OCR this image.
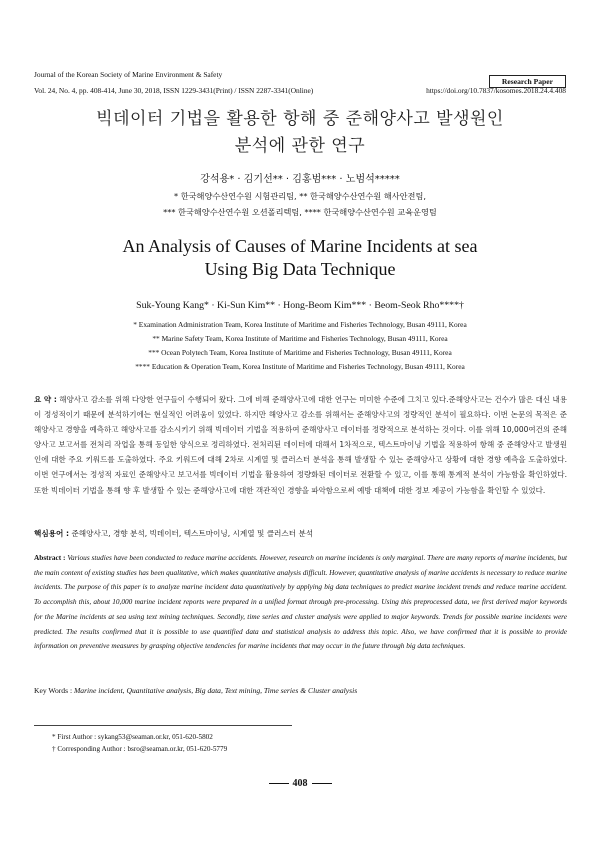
Journal of the Korean Society of Marine Environment & Safety
Research Paper
Vol. 24, No. 4, pp. 408-414, June 30, 2018, ISSN 1229-3431(Print) / ISSN 2287-3341(Online)	https://doi.org/10.7837/kosomes.2018.24.4.408
빅데이터 기법을 활용한 항해 중 준해양사고 발생원인
분석에 관한 연구
강석용* · 김기선** · 김홍범*** · 노범석*****
* 한국해양수산연수원 시험관리팀, ** 한국해양수산연수원 해사안전팀,
*** 한국해양수산연수원 오션폴리텍팀, **** 한국해양수산연수원 교육운영팀
An Analysis of Causes of Marine Incidents at sea
Using Big Data Technique
Suk-Young Kang* · Ki-Sun Kim** · Hong-Beom Kim*** · Beom-Seok Rho****†
* Examination Administration Team, Korea Institute of Maritime and Fisheries Technology, Busan 49111, Korea
** Marine Safety Team, Korea Institute of Maritime and Fisheries Technology, Busan 49111, Korea
*** Ocean Polytech Team, Korea Institute of Maritime and Fisheries Technology, Busan 49111, Korea
**** Education & Operation Team, Korea Institute of Maritime and Fisheries Technology, Busan 49111, Korea
요 약 : 해양사고 감소를 위해 다양한 연구들이 수행되어 왔다. 그에 비해 준해양사고에 대한 연구는 미미한 수준에 그치고 있다.준해양사고는 건수가 많은 대신 내용이 정성적이기 때문에 분석하기에는 현실적인 어려움이 있었다. 하지만 해양사고 감소를 위해서는 준해양사고의 정량적인 분석이 필요하다. 이번 논문의 목적은 준해양사고 경향을 예측하고 해양사고를 감소시키기 위해 빅데이터 기법을 적용하여 준해양사고 데이터를 정량적으로 분석하는 것이다. 이를 위해 10,000여건의 준해양사고 보고서를 전처리 작업을 통해 동일한 양식으로 정리하였다. 전처리된 데이터에 대해서 1차적으로, 텍스트마이닝 기법을 적용하여 항해 중 준해양사고 발생원인에 대한 주요 키워드를 도출하였다. 주요 키워드에 대해 2차로 시계열 및 클러스터 분석을 통해 발생할 수 있는 준해양사고 상황에 대한 경향 예측을 도출하였다. 이번 연구에서는 정성적 자료인 준해양사고 보고서를 빅데이터 기법을 활용하여 정량화된 데이터로 전환할 수 있고, 이를 통해 통계적 분석이 가능함을 확인하였다. 또한 빅데이터 기법을 통해 향 후 발생할 수 있는 준해양사고에 대한 객관적인 경향을 파악함으로써 예방 대책에 대한 정보 제공이 가능함을 확인할 수 있었다.
핵심용어 : 준해양사고, 경향 분석, 빅데이터, 텍스트마이닝, 시계열 및 클러스터 분석
Abstract : Various studies have been conducted to reduce marine accidents. However, research on marine incidents is only marginal. There are many reports of marine incidents, but the main content of existing studies has been qualitative, which makes quantitative analysis difficult. However, quantitative analysis of marine accidents is necessary to reduce marine incidents. The purpose of this paper is to analyze marine incident data quantitatively by applying big data techniques to predict marine incident trends and reduce marine accident. To accomplish this, about 10,000 marine incident reports were prepared in a unified format through pre-processing. Using this preprocessed data, we first derived major keywords for the Marine incidents at sea using text mining techniques. Secondly, time series and cluster analysis were applied to major keywords. Trends for possible marine incidents were predicted. The results confirmed that it is possible to use quantified data and statistical analysis to address this topic. Also, we have confirmed that it is possible to provide information on preventive measures by grasping objective tendencies for marine incidents that may occur in the future through big data techniques.
Key Words : Marine incident, Quantitative analysis, Big data, Text mining, Time series & Cluster analysis
* First Author : sykang53@seaman.or.kr, 051-620-5802
† Corresponding Author : bsro@seaman.or.kr, 051-620-5779
408
